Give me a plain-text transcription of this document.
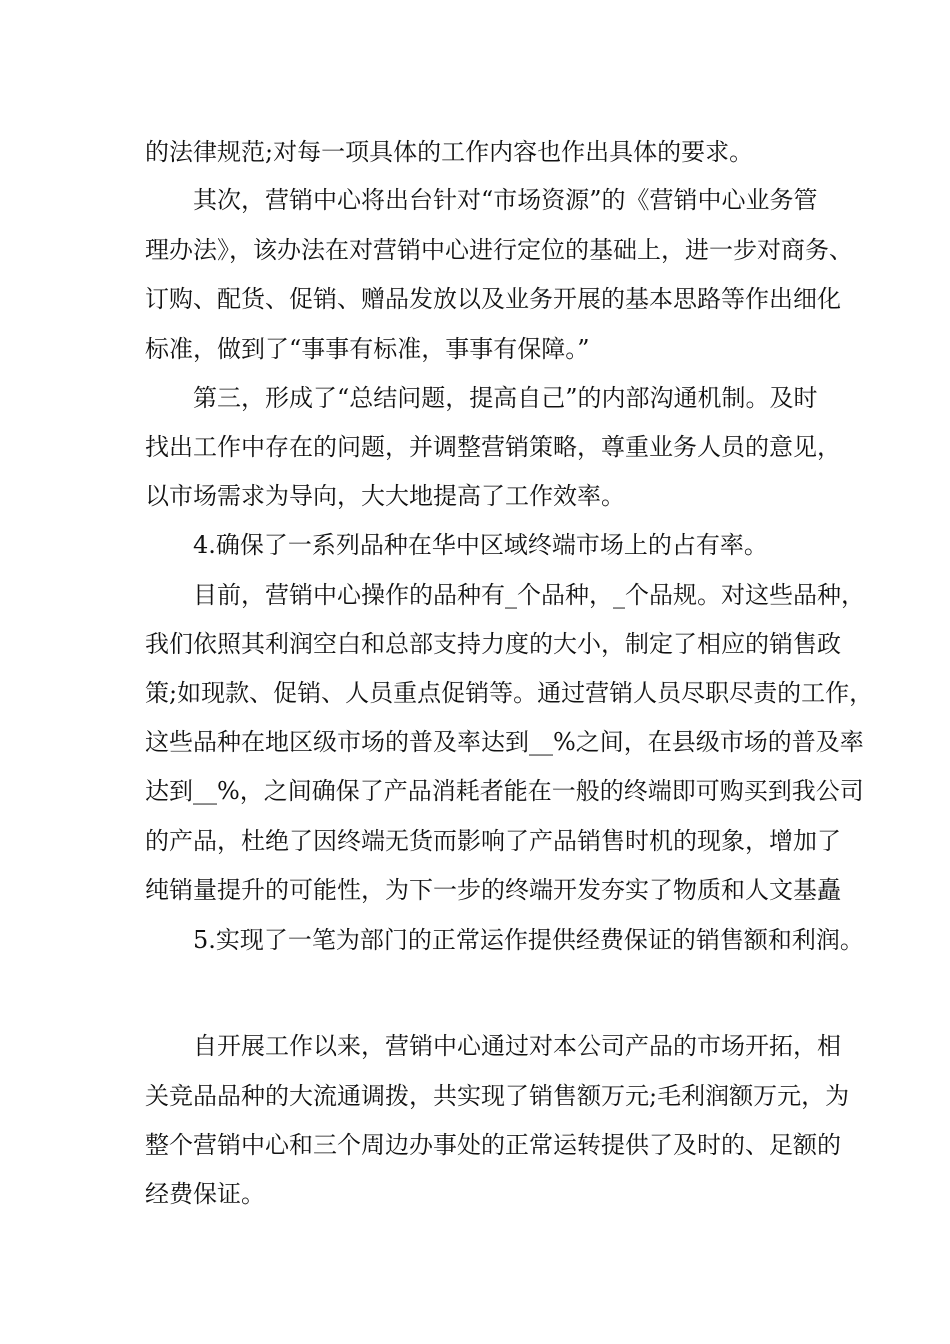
的法律规范;对每一项具体的工作内容也作出具体的要求。
其次，营销中心将出台针对“市场资源”的《营销中心业务管
理办法》，该办法在对营销中心进行定位的基础上，进一步对商务、
订购、配货、促销、赠品发放以及业务开展的基本思路等作出细化
标准，做到了“事事有标准，事事有保障。”
第三，形成了“总结问题，提高自己”的内部沟通机制。及时
找出工作中存在的问题，并调整营销策略，尊重业务人员的意见，
以市场需求为导向，大大地提高了工作效率。
4.确保了一系列品种在华中区域终端市场上的占有率。
目前，营销中心操作的品种有_个品种，_个品规。对这些品种，
我们依照其利润空白和总部支持力度的大小，制定了相应的销售政
策;如现款、促销、人员重点促销等。通过营销人员尽职尽责的工作，
这些品种在地区级市场的普及率达到__%之间，在县级市场的普及率
达到__%，之间确保了产品消耗者能在一般的终端即可购买到我公司
的产品，杜绝了因终端无货而影响了产品销售时机的现象，增加了
纯销量提升的可能性，为下一步的终端开发夯实了物质和人文基矗
5.实现了一笔为部门的正常运作提供经费保证的销售额和利润。
自开展工作以来，营销中心通过对本公司产品的市场开拓，相
关竞品品种的大流通调拨，共实现了销售额万元;毛利润额万元，为
整个营销中心和三个周边办事处的正常运转提供了及时的、足额的
经费保证。
